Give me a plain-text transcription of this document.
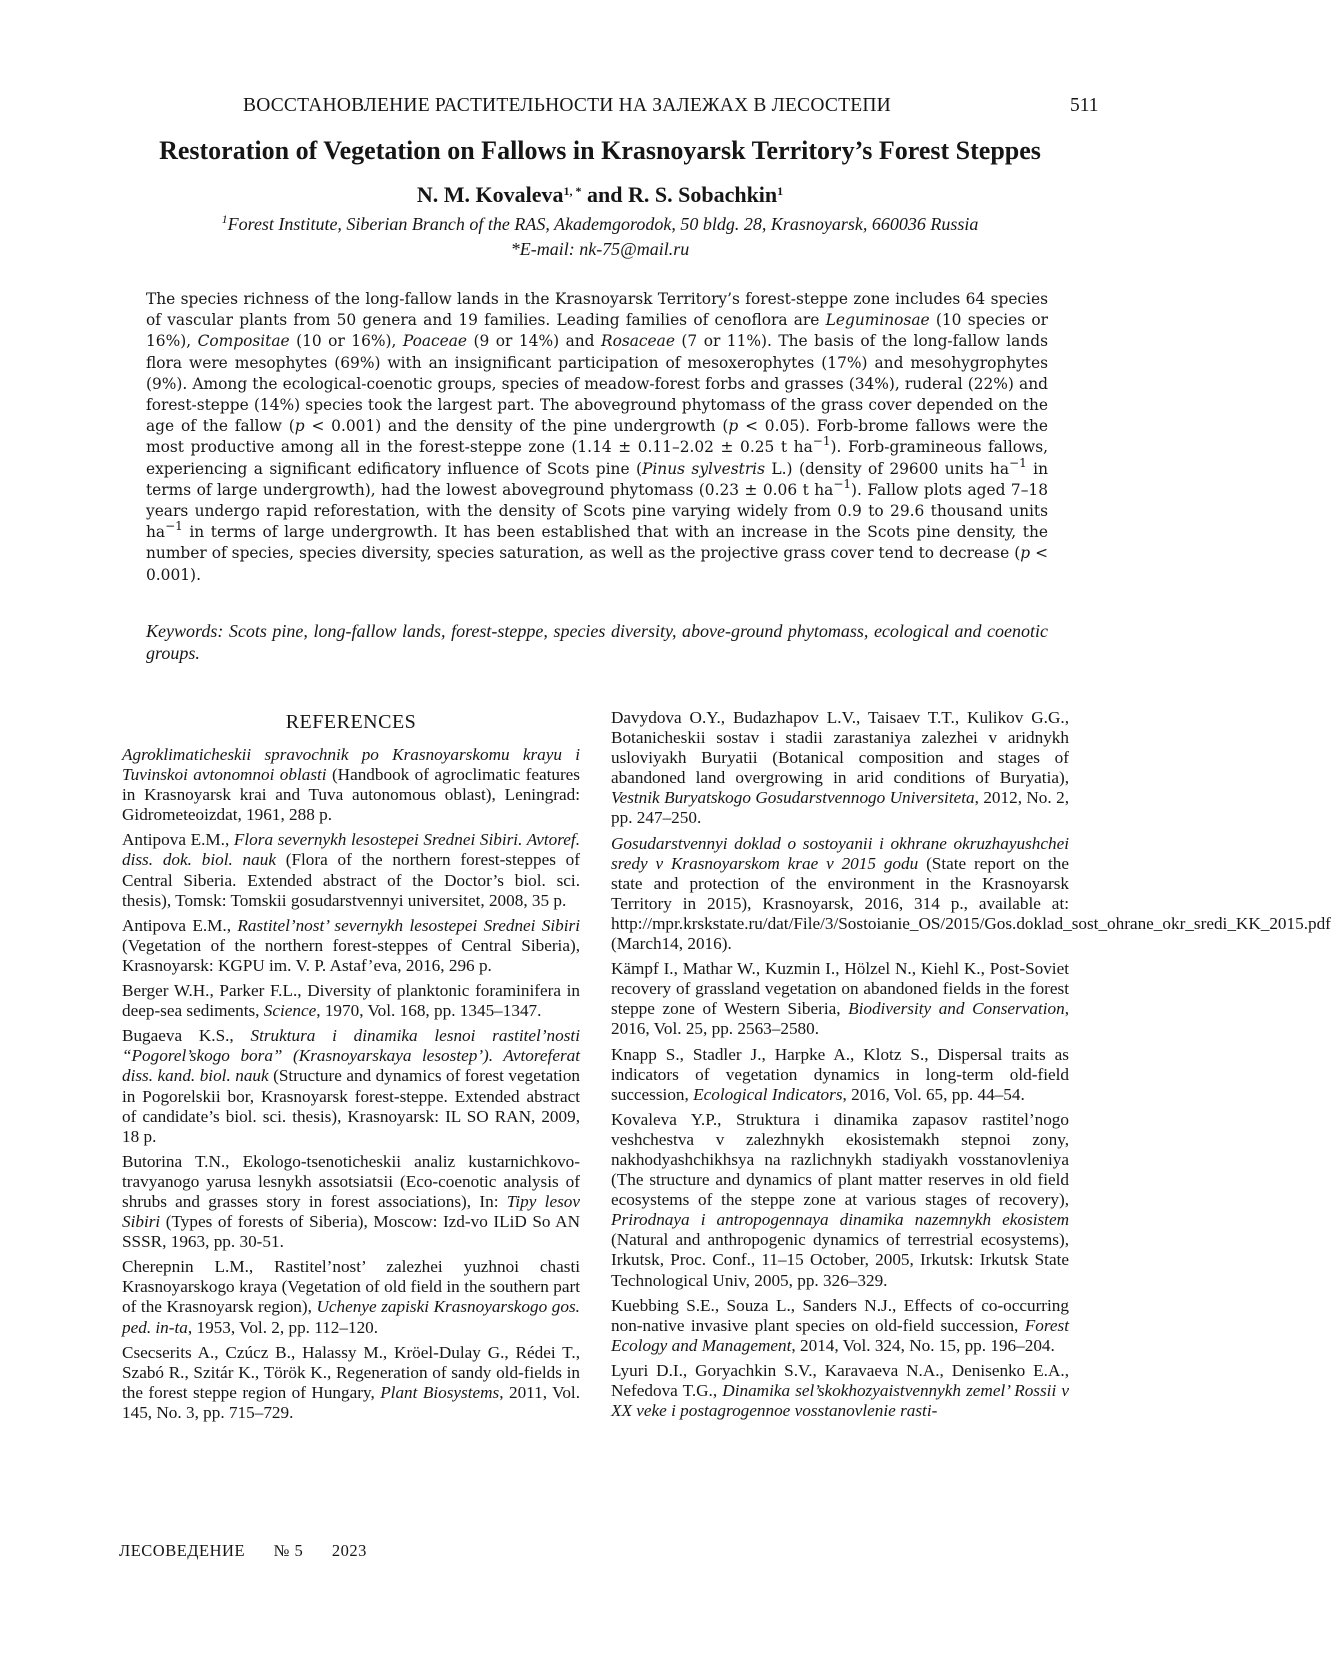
ВОССТАНОВЛЕНИЕ РАСТИТЕЛЬНОСТИ НА ЗАЛЕЖАХ В ЛЕСОСТЕПИ	511
Restoration of Vegetation on Fallows in Krasnoyarsk Territory’s Forest Steppes
N. M. Kovaleva1, * and R. S. Sobachkin1
1Forest Institute, Siberian Branch of the RAS, Akademgorodok, 50 bldg. 28, Krasnoyarsk, 660036 Russia
*E-mail: nk-75@mail.ru
The species richness of the long-fallow lands in the Krasnoyarsk Territory’s forest-steppe zone includes 64 species of vascular plants from 50 genera and 19 families. Leading families of cenoflora are Leguminosae (10 species or 16%), Compositae (10 or 16%), Poaceae (9 or 14%) and Rosaceae (7 or 11%). The basis of the long-fallow lands flora were mesophytes (69%) with an insignificant participation of mesoxerophytes (17%) and mesohygrophytes (9%). Among the ecological-coenotic groups, species of meadow-forest forbs and grasses (34%), ruderal (22%) and forest-steppe (14%) species took the largest part. The aboveground phytomass of the grass cover depended on the age of the fallow (p < 0.001) and the density of the pine undergrowth (p < 0.05). Forb-brome fallows were the most productive among all in the forest-steppe zone (1.14 ± 0.11–2.02 ± 0.25 t ha−1). Forb-gramineous fallows, experiencing a significant edificatory influence of Scots pine (Pinus sylvestris L.) (density of 29600 units ha−1 in terms of large undergrowth), had the lowest aboveground phytomass (0.23 ± 0.06 t ha−1). Fallow plots aged 7–18 years undergo rapid reforestation, with the density of Scots pine varying widely from 0.9 to 29.6 thousand units ha−1 in terms of large undergrowth. It has been established that with an increase in the Scots pine density, the number of species, species diversity, species saturation, as well as the projective grass cover tend to decrease (p < 0.001).
Keywords: Scots pine, long-fallow lands, forest-steppe, species diversity, above-ground phytomass, ecological and coenotic groups.
REFERENCES

Agroklimaticheskii spravochnik po Krasnoyarskomu krayu i Tuvinskoi avtonomnoi oblasti (Handbook of agroclimatic features in Krasnoyarsk krai and Tuva autonomous oblast), Leningrad: Gidrometeoizdat, 1961, 288 p.

Antipova E.M., Flora severnykh lesostepei Srednei Sibiri. Avtoref. diss. dok. biol. nauk (Flora of the northern forest-steppes of Central Siberia. Extended abstract of the Doctor’s biol. sci. thesis), Tomsk: Tomskii gosudarstvennyi universitet, 2008, 35 p.

Antipova E.M., Rastitel’nost’ severnykh lesostepei Srednei Sibiri (Vegetation of the northern forest-steppes of Central Siberia), Krasnoyarsk: KGPU im. V. P. Astaf’eva, 2016, 296 p.

Berger W.H., Parker F.L., Diversity of planktonic foraminifera in deep-sea sediments, Science, 1970, Vol. 168, pp. 1345–1347.

Bugaeva K.S., Struktura i dinamika lesnoi rastitel’nosti “Pogorel’skogo bora” (Krasnoyarskaya lesostep’). Avtoreferat diss. kand. biol. nauk (Structure and dynamics of forest vegetation in Pogorelskii bor, Krasnoyarsk forest-steppe. Extended abstract of candidate’s biol. sci. thesis), Krasnoyarsk: IL SO RAN, 2009, 18 p.

Butorina T.N., Ekologo-tsenoticheskii analiz kustarnichkovo-travyanogo yarusa lesnykh assotsiatsii (Eco-coenotic analysis of shrubs and grasses story in forest associations), In: Tipy lesov Sibiri (Types of forests of Siberia), Moscow: Izd-vo ILiD So AN SSSR, 1963, pp. 30-51.

Cherepnin L.M., Rastitel’nost’ zalezhei yuzhnoi chasti Krasnoyarskogo kraya (Vegetation of old field in the southern part of the Krasnoyarsk region), Uchenye zapiski Krasnoyarskogo gos. ped. in-ta, 1953, Vol. 2, pp. 112–120.

Csecserits A., Czúcz B., Halassy M., Kröel-Dulay G., Rédei T., Szabó R., Szitár K., Török K., Regeneration of sandy old-fields in the forest steppe region of Hungary, Plant Biosystems, 2011, Vol. 145, No. 3, pp. 715–729.

Davydova O.Y., Budazhapov L.V., Taisaev T.T., Kulikov G.G., Botanicheskii sostav i stadii zarastaniya zalezhei v aridnykh usloviyakh Buryatii (Botanical composition and stages of abandoned land overgrowing in arid conditions of Buryatia), Vestnik Buryatskogo Gosudarstvennogo Universiteta, 2012, No. 2, pp. 247–250.

Gosudarstvennyi doklad o sostoyanii i okhrane okruzhayushchei sredy v Krasnoyarskom krae v 2015 godu (State report on the state and protection of the environment in the Krasnoyarsk Territory in 2015), Krasnoyarsk, 2016, 314 p., available at: http://mpr.krskstate.ru/dat/File/3/Sostoianie_OS/2015/Gos.doklad_sost_ohrane_okr_sredi_KK_2015.pdf (March14, 2016).

Kämpf I., Mathar W., Kuzmin I., Hölzel N., Kiehl K., Post-Soviet recovery of grassland vegetation on abandoned fields in the forest steppe zone of Western Siberia, Biodiversity and Conservation, 2016, Vol. 25, pp. 2563–2580.

Knapp S., Stadler J., Harpke A., Klotz S., Dispersal traits as indicators of vegetation dynamics in long-term old-field succession, Ecological Indicators, 2016, Vol. 65, pp. 44–54.

Kovaleva Y.P., Struktura i dinamika zapasov rastitel’nogo veshchestva v zalezhnykh ekosistemakh stepnoi zony, nakhodyashchikhsya na razlichnykh stadiyakh vosstanovleniya (The structure and dynamics of plant matter reserves in old field ecosystems of the steppe zone at various stages of recovery), Prirodnaya i antropogennaya dinamika nazemnykh ekosistem (Natural and anthropogenic dynamics of terrestrial ecosystems), Irkutsk, Proc. Conf., 11–15 October, 2005, Irkutsk: Irkutsk State Technological Univ, 2005, pp. 326–329.

Kuebbing S.E., Souza L., Sanders N.J., Effects of co-occurring non-native invasive plant species on old-field succession, Forest Ecology and Management, 2014, Vol. 324, No. 15, pp. 196–204.

Lyuri D.I., Goryachkin S.V., Karavaeva N.A., Denisenko E.A., Nefedova T.G., Dinamika sel’skokhozyaistvennykh zemel’ Rossii v XX veke i postagrogennoe vosstanovlenie rasti-

ЛЕСОВЕДЕНИЕ № 5 2023
